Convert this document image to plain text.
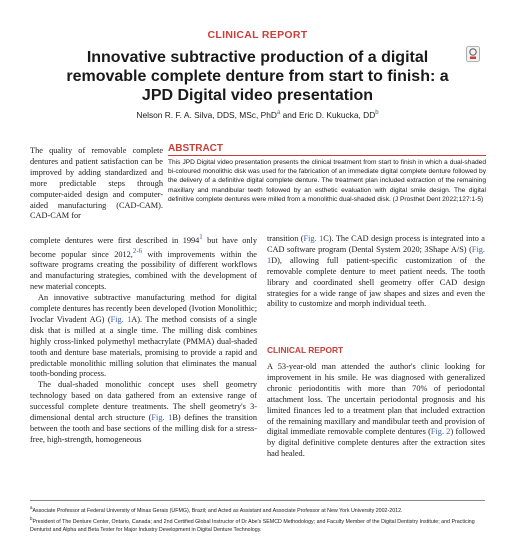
CLINICAL REPORT
Innovative subtractive production of a digital removable complete denture from start to finish: a JPD Digital video presentation
Nelson R. F. A. Silva, DDS, MSc, PhD$^a$ and Eric D. Kukucka, $DD^b$

The quality of removable complete dentures and patient satisfaction can be improved by adding standardized and more predictable steps through computer-aided design and computer-aided manufacturing (CAD-CAM). CAD-CAM for

ABSTRACT
This JPD Digital video presentation presents the clinical treatment from start to finish in which a dual-shaded bi-coloured monolithic disk was used for the fabrication of an immediate digital complete denture followed by the delivery of a definitive digital complete denture. The treatment plan included extraction of the remaining maxillary and mandibular teeth followed by an esthetic evaluation with digital smile design. The digital definitive complete dentures were milled from a monolithic dual-shaded disk. (J Prosthet Dent 2022;127:1-5)

complete dentures were first described in 1994$^1$ but have only become popular since 2012,$^{2-6}$ with improvements within the software programs creating the possibility of different workflows and manufacturing strategies, combined with the development of new material concepts.

An innovative subtractive manufacturing method for digital complete dentures has recently been developed (Ivotion Monolithic; Ivoclar Vivadent AG) (Fig. 1A). The method consists of a single disk that is milled at a single time. The milling disk combines highly cross-linked polymethyl methacrylate (PMMA) dual-shaded tooth and denture base materials, promising to provide a rapid and predictable monolithic milling solution that eliminates the manual tooth-bonding process.

The dual-shaded monolithic concept uses shell geometry technology based on data gathered from an extensive range of successful complete denture treatments. The shell geometry's 3-dimensional dental arch structure (Fig. 1B) defines the transition between the tooth and base sections of the milling disk for a stress-free, high-strength, homogeneous

transition (Fig. 1C). The CAD design process is integrated into a CAD software program (Dental System 2020; 3Shape A/S) (Fig. 1D), allowing full patient-specific customization of the removable complete denture to meet patient needs. The tooth library and coordinated shell geometry offer CAD design strategies for a wide range of jaw shapes and sizes and even the ability to customize and morph individual teeth.

CLINICAL REPORT

A 53-year-old man attended the author's clinic looking for improvement in his smile. He was diagnosed with generalized chronic periodontitis with more than 70% of periodontal attachment loss. The uncertain periodontal prognosis and his limited finances led to a treatment plan that included extraction of the remaining maxillary and mandibular teeth and provision of digital immediate removable complete dentures (Fig. 2) followed by digital definitive complete dentures after the extraction sites had healed.

$^a$Associate Professor at Federal University of Minas Gerais (UFMG), Brazil; and Acted as Assistant and Associate Professor at New York University 2002-2012.

$^b$President of The Denture Center, Ontario, Canada; and 2nd Certified Global Instructor of Dr Abe's SEMCD Methodology; and Faculty Member of the Digital Dentistry Institute; and Practicing Denturist and Alpha and Beta Tester for Major Industry Development in Digital Denture Technology.
